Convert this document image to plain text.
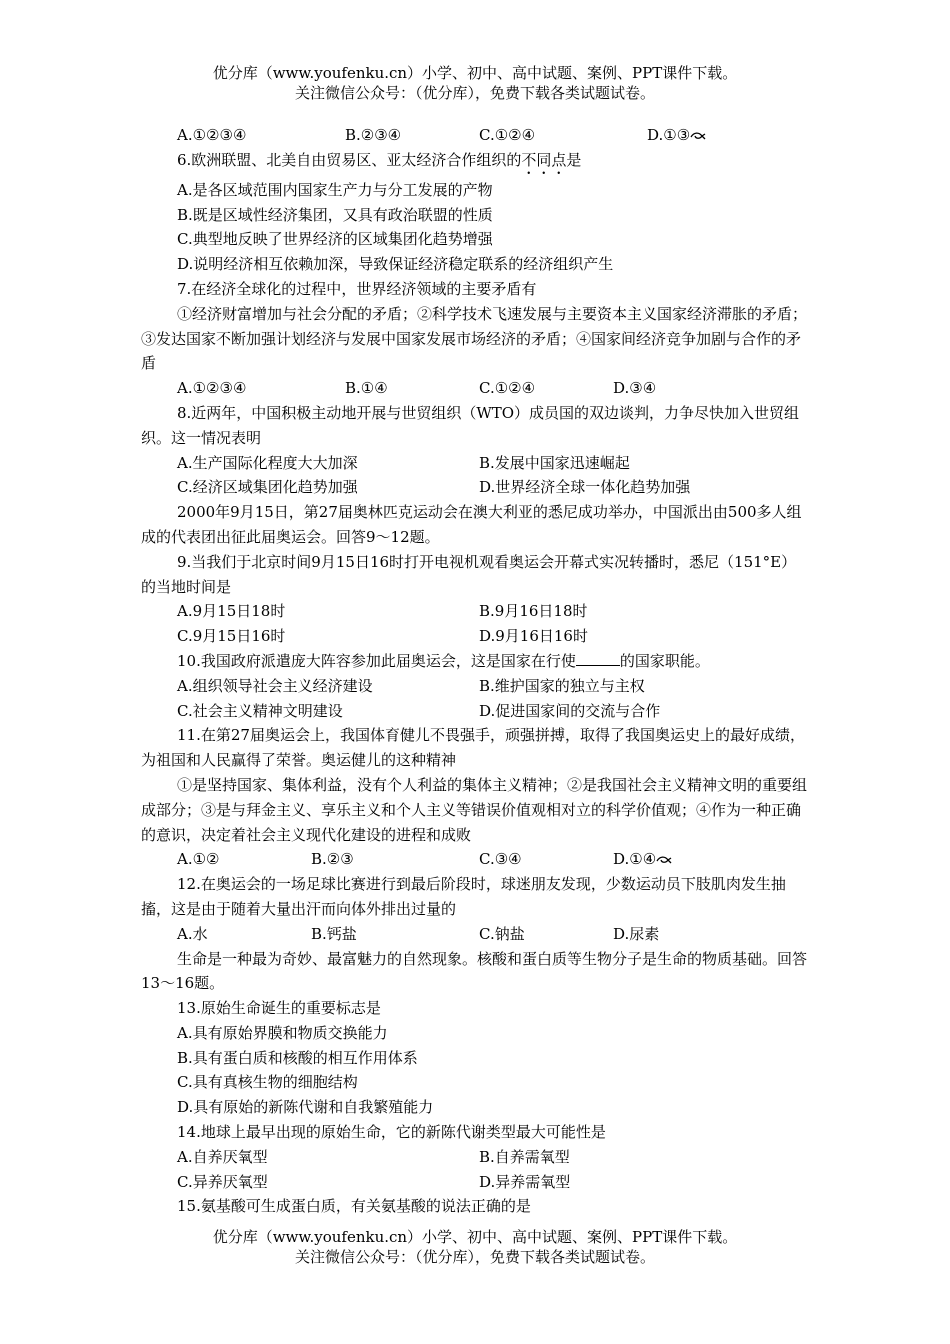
优分库（www.youfenku.cn）小学、初中、高中试题、案例、PPT课件下载。
关注微信公众号：（优分库），免费下载各类试题试卷。
A.①②③④	B.②③④	C.①②④	D.①③

6.欧洲联盟、北美自由贸易区、亚太经济合作组织的不同点是

A.是各区域范围内国家生产力与分工发展的产物

B.既是区域性经济集团，又具有政治联盟的性质

C.典型地反映了世界经济的区域集团化趋势增强

D.说明经济相互依赖加深，导致保证经济稳定联系的经济组织产生

7.在经济全球化的过程中，世界经济领域的主要矛盾有

①经济财富增加与社会分配的矛盾；②科学技术飞速发展与主要资本主义国家经济滞胀的矛盾；③发达国家不断加强计划经济与发展中国家发展市场经济的矛盾；④国家间经济竞争加剧与合作的矛盾

A.①②③④	B.①④	C.①②④	D.③④

8.近两年，中国积极主动地开展与世贸组织（WTO）成员国的双边谈判，力争尽快加入世贸组织。这一情况表明

A.生产国际化程度大大加深	B.发展中国家迅速崛起
C.经济区域集团化趋势加强	D.世界经济全球一体化趋势加强

2000年9月15日，第27届奥林匹克运动会在澳大利亚的悉尼成功举办，中国派出由500多人组成的代表团出征此届奥运会。回答9～12题。

9.当我们于北京时间9月15日16时打开电视机观看奥运会开幕式实况转播时，悉尼（151°E）的当地时间是

A.9月15日18时	B.9月16日18时
C.9月15日16时	D.9月16日16时

10.我国政府派遣庞大阵容参加此届奥运会，这是国家在行使	的国家职能。

A.组织领导社会主义经济建设	B.维护国家的独立与主权
C.社会主义精神文明建设	D.促进国家间的交流与合作

11.在第27届奥运会上，我国体育健儿不畏强手，顽强拼搏，取得了我国奥运史上的最好成绩，为祖国和人民赢得了荣誉。奥运健儿的这种精神

①是坚持国家、集体利益，没有个人利益的集体主义精神；②是我国社会主义精神文明的重要组成部分；③是与拜金主义、享乐主义和个人主义等错误价值观相对立的科学价值观；④作为一种正确的意识，决定着社会主义现代化建设的进程和成败

A.①②	B.②③	C.③④	D.①④

12.在奥运会的一场足球比赛进行到最后阶段时，球迷朋友发现，少数运动员下肢肌肉发生抽搐，这是由于随着大量出汗而向体外排出过量的

A.水	B.钙盐	C.钠盐	D.尿素

生命是一种最为奇妙、最富魅力的自然现象。核酸和蛋白质等生物分子是生命的物质基础。回答13～16题。

13.原始生命诞生的重要标志是

A.具有原始界膜和物质交换能力

B.具有蛋白质和核酸的相互作用体系

C.具有真核生物的细胞结构

D.具有原始的新陈代谢和自我繁殖能力

14.地球上最早出现的原始生命，它的新陈代谢类型最大可能性是

A.自养厌氧型	B.自养需氧型
C.异养厌氧型	D.异养需氧型

15.氨基酸可生成蛋白质，有关氨基酸的说法正确的是

优分库（www.youfenku.cn）小学、初中、高中试题、案例、PPT课件下载。
关注微信公众号：（优分库），免费下载各类试题试卷。
